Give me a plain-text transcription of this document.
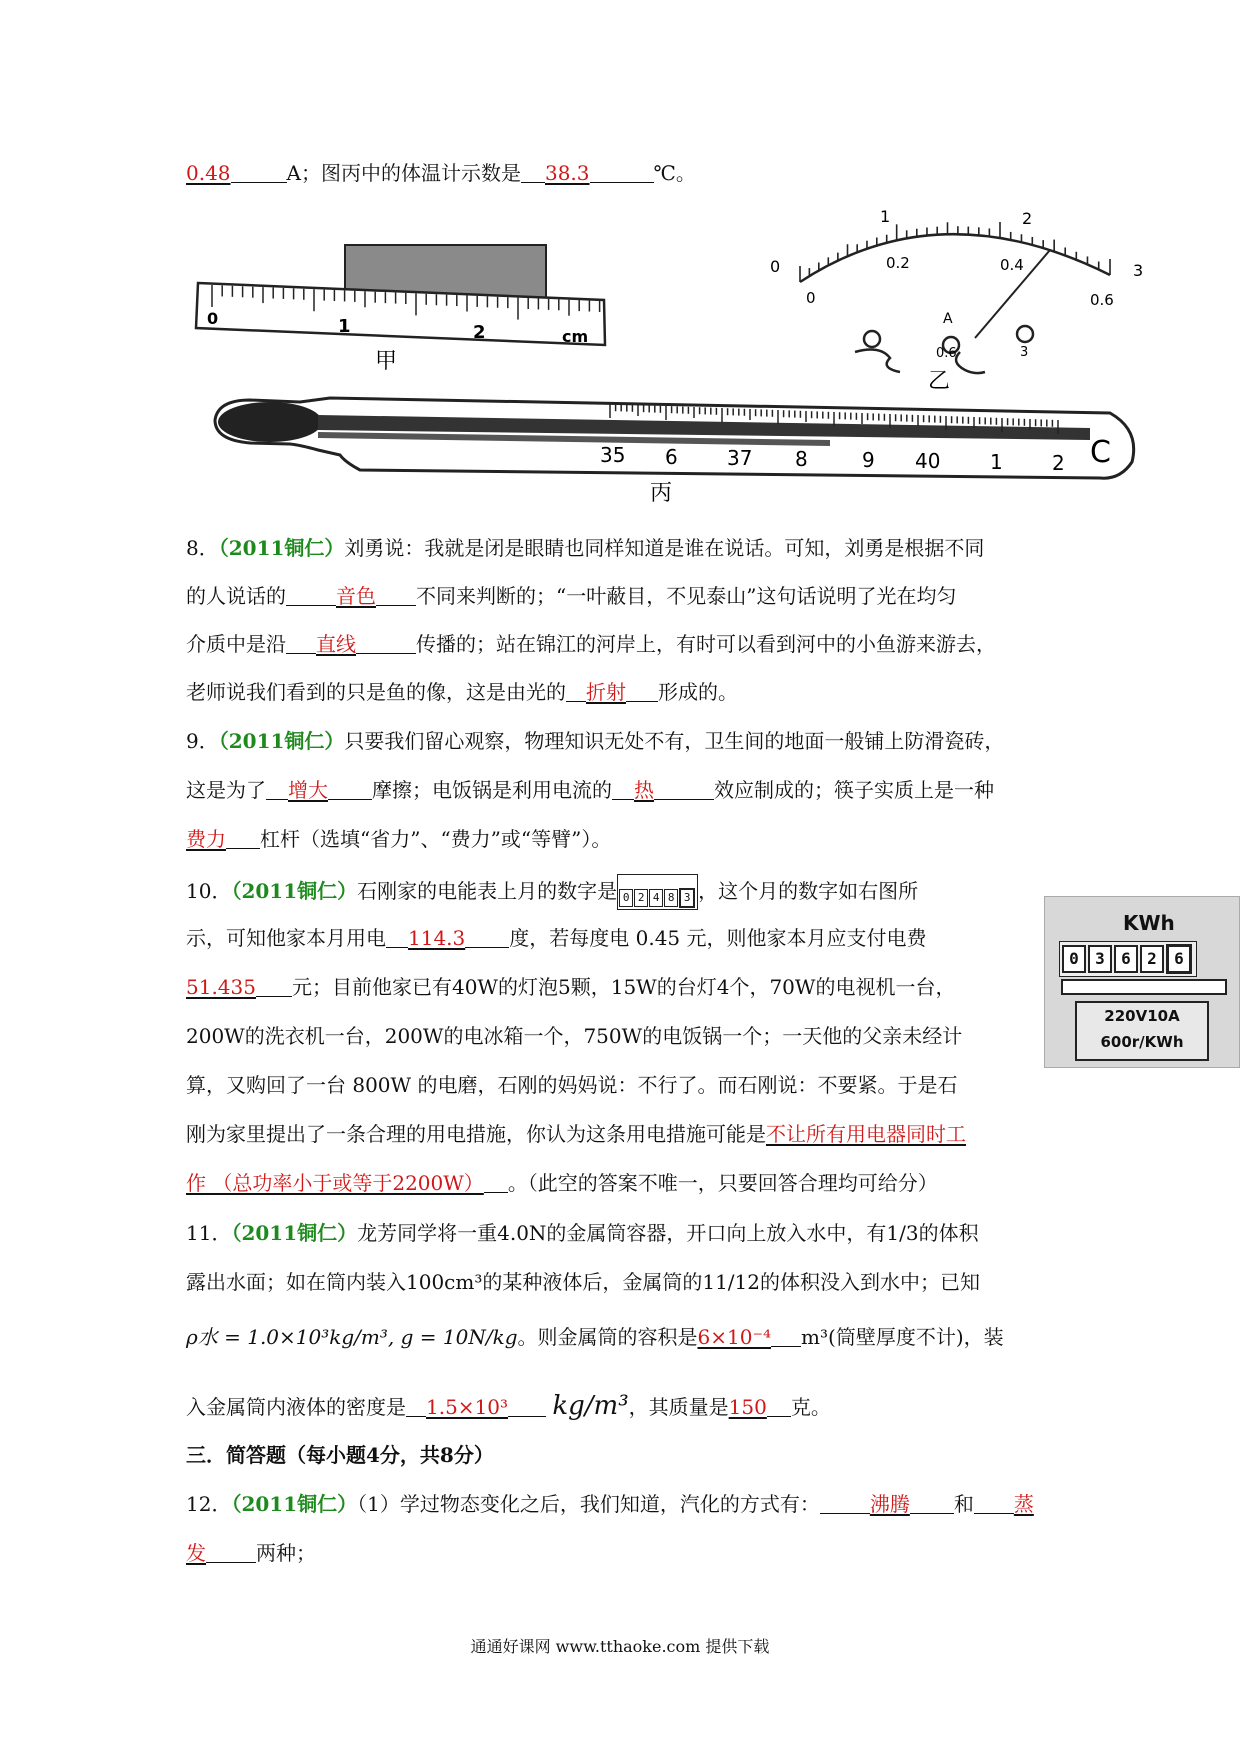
0.48	A；图丙中的体温计示数是 38.3	℃。
0	1	2	cm
甲
0
1	2
3
0
0.2	0.4
0.6
A
0.6	3
乙
35 6 37 8	9 40 1 2 C
丙
8．（2011铜仁）刘勇说：我就是闭是眼睛也同样知道是谁在说话。可知，刘勇是根据不同
的人说话的	音色 不同来判断的；“一叶蔽目，不见泰山”这句话说明了光在均匀
介质中是沿 直线	传播的；站在锦江的河岸上，有时可以看到河中的小鱼游来游去，
老师说我们看到的只是鱼的像，这是由光的 折射 形成的。
9．（2011铜仁）只要我们留心观察，物理知识无处不有，卫生间的地面一般铺上防滑瓷砖，
这是为了 增大 摩擦；电饭锅是利用电流的 热	效应制成的；筷子实质上是一种
费力 杠杆（选填“省力”、“费力”或“等臂”）。
10．（2011铜仁）石刚家的电能表上月的数字是 0 2 4 8 3 ，这个月的数字如右图所
示，可知他家本月用电 114.3 度，若每度电 0.45 元，则他家本月应支付电费
51.435 元；目前他家已有40W的灯泡5颗，15W的台灯4个，70W的电视机一台，
200W的洗衣机一台，200W的电冰箱一个，750W的电饭锅一个；一天他的父亲未经计
算，又购回了一台 800W 的电磨，石刚的妈妈说：不行了。而石刚说：不要紧。于是石
刚为家里提出了一条合理的用电措施，你认为这条用电措施可能是不让所有用电器同时工
作 （总功率小于或等于2200W） 。（此空的答案不唯一，只要回答合理均可给分）
KWh
0 3 6 2 6
220V10A
600r/KWh
11．（2011铜仁）龙芳同学将一重4.0N的金属筒容器，开口向上放入水中，有1/3的体积
露出水面；如在筒内装入100cm³的某种液体后，金属筒的11/12的体积没入到水中；已知
ρ水 = 1.0×10³kg/m³, g = 10N/kg。则金属筒的容积是6×10⁻⁴ m³(筒壁厚度不计)，装
入金属筒内液体的密度是 1.5×10³ kg/m³，其质量是150 克。
三．简答题（每小题4分，共8分）
12．（2011铜仁）（1）学过物态变化之后，我们知道，汽化的方式有：	沸腾 和 蒸
发	两种；
通通好课网 www.tthaoke.com 提供下载
